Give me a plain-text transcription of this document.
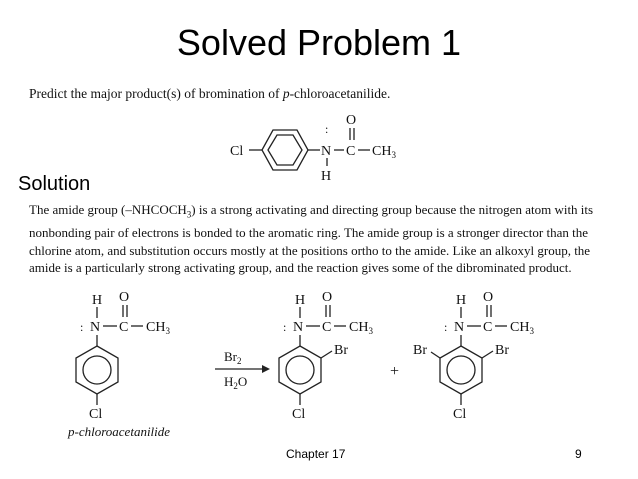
Solved Problem 1
Predict the major product(s) of bromination of p-chloroacetanilide.
Cl
:
N
H
C
O
$CH_3$
H
: N C
O
$CH_3$
Cl
p-chloroacetanilide
$Br_2$
$H_2O$
H
: N C
O
$CH_3$
Br
Cl
+
H
: N C
O
$CH_3$
Br
Br
Cl
Solution
The amide group $(-NHCOCH_3)$ is a strong activating and directing group because the nitrogen atom with its nonbonding pair of electrons is bonded to the aromatic ring. The amide group is a stronger director than the chlorine atom, and substitution occurs mostly at the positions ortho to the amide. Like an alkoxyl group, the amide is a particularly strong activating group, and the reaction gives some of the dibrominated product.
Chapter 17	9
